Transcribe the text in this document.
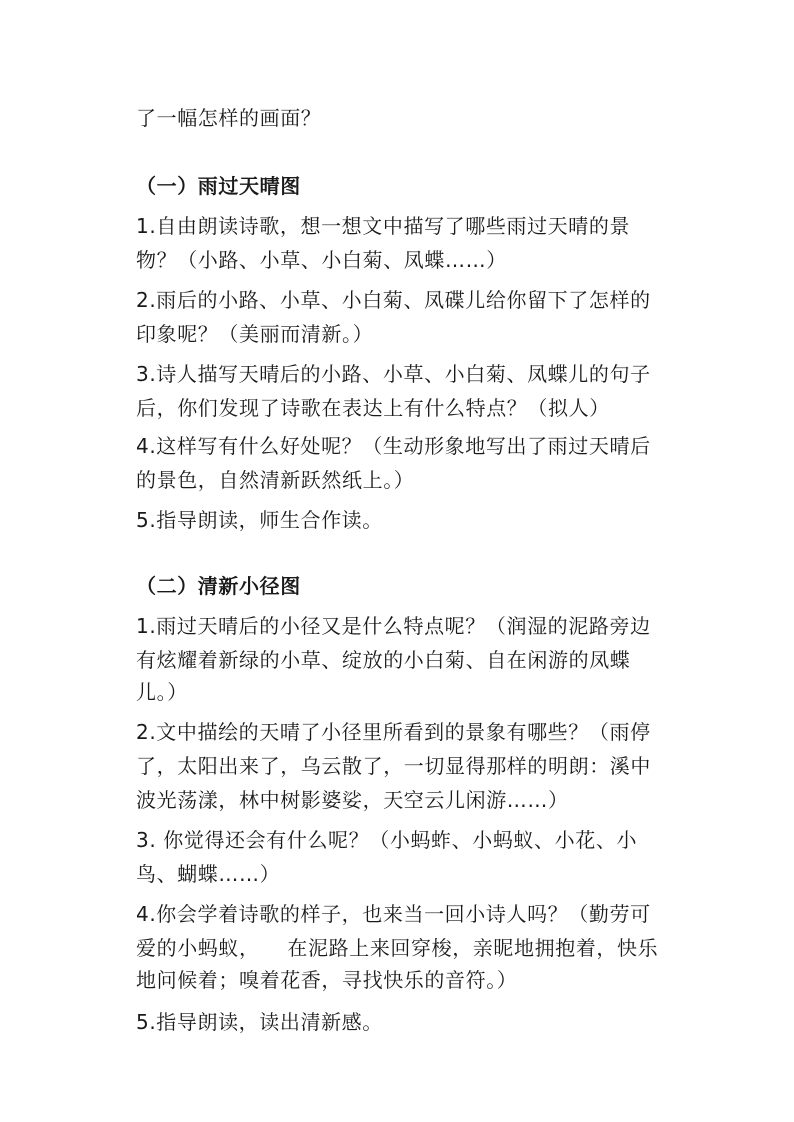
了一幅怎样的画面？
（一）雨过天晴图
1.自由朗读诗歌，想一想文中描写了哪些雨过天晴的景
物？（小路、小草、小白菊、凤蝶……）
2.雨后的小路、小草、小白菊、凤碟儿给你留下了怎样的
印象呢？（美丽而清新。）
3.诗人描写天晴后的小路、小草、小白菊、凤蝶儿的句子
后，你们发现了诗歌在表达上有什么特点？（拟人）
4.这样写有什么好处呢？（生动形象地写出了雨过天晴后
的景色，自然清新跃然纸上。）
5.指导朗读，师生合作读。
（二）清新小径图
1.雨过天晴后的小径又是什么特点呢？（润湿的泥路旁边
有炫耀着新绿的小草、绽放的小白菊、自在闲游的凤蝶
儿。）
2.文中描绘的天晴了小径里所看到的景象有哪些？（雨停
了，太阳出来了，乌云散了，一切显得那样的明朗：溪中
波光荡漾，林中树影婆娑，天空云儿闲游……）
3. 你觉得还会有什么呢？（小蚂蚱、小蚂蚁、小花、小
鸟、蝴蝶……）
4.你会学着诗歌的样子，也来当一回小诗人吗？（勤劳可
爱的小蚂蚁，    在泥路上来回穿梭，亲昵地拥抱着，快乐
地问候着；嗅着花香，寻找快乐的音符。）
5.指导朗读，读出清新感。
